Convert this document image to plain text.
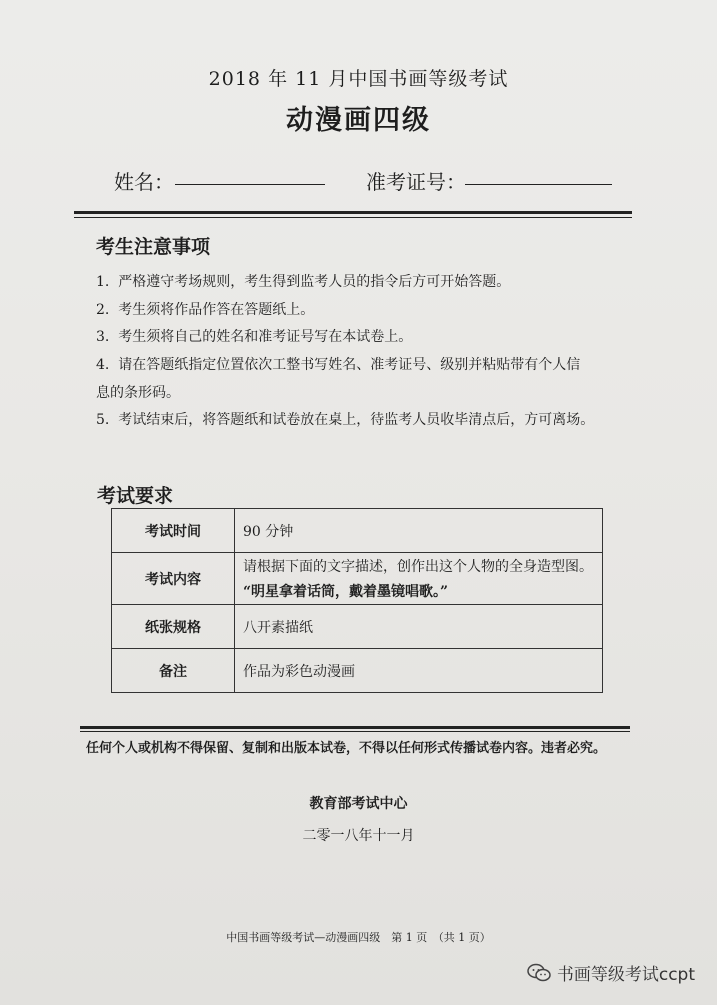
2018 年 11 月中国书画等级考试
动漫画四级
姓名：	准考证号：
考生注意事项
1. 严格遵守考场规则，考生得到监考人员的指令后方可开始答题。
2. 考生须将作品作答在答题纸上。
3. 考生须将自己的姓名和准考证号写在本试卷上。
4. 请在答题纸指定位置依次工整书写姓名、准考证号、级别并粘贴带有个人信
息的条形码。
5. 考试结束后，将答题纸和试卷放在桌上，待监考人员收毕清点后，方可离场。
考试要求
考试时间	90 分钟
考试内容	请根据下面的文字描述，创作出这个人物的全身造型图。
“明星拿着话筒，戴着墨镜唱歌。”

纸张规格	八开素描纸
备注	作品为彩色动漫画
任何个人或机构不得保留、复制和出版本试卷，不得以任何形式传播试卷内容。违者必究。
教育部考试中心
二零一八年十一月
中国书画等级考试—动漫画四级　第 1 页　（共 1 页）
书画等级考试ccpt
